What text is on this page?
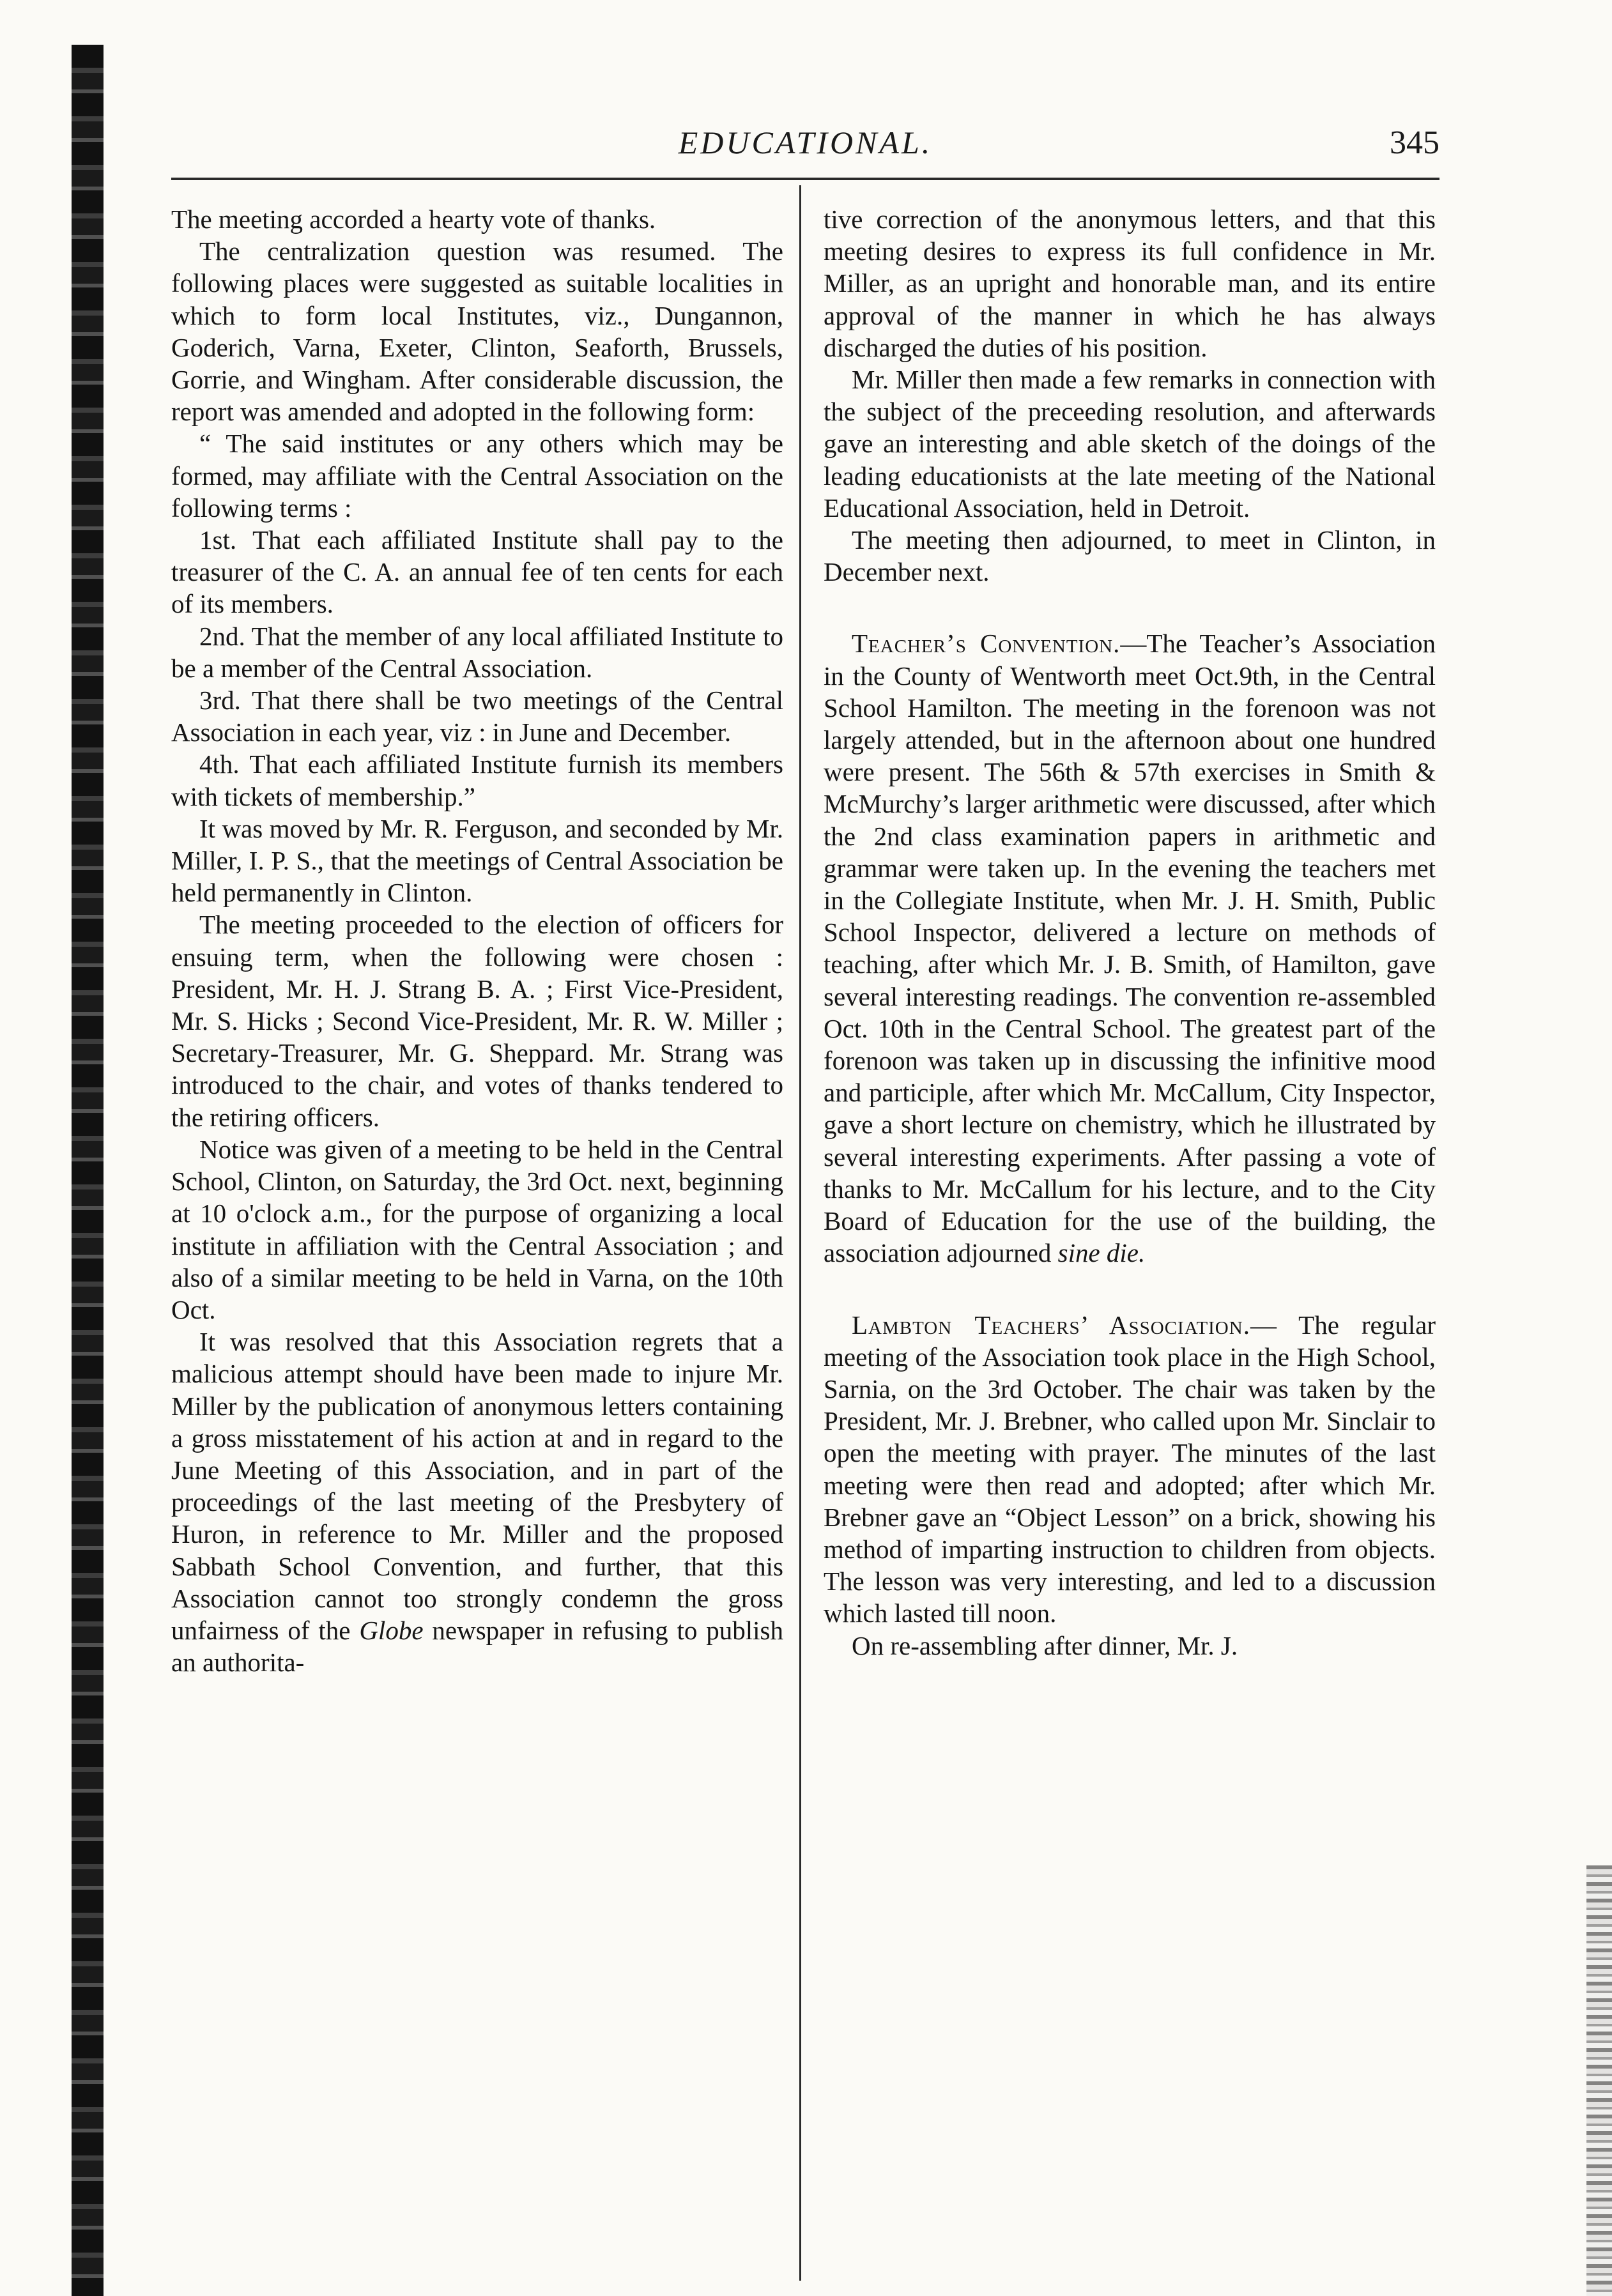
EDUCATIONAL.	345

The meeting accorded a hearty vote of thanks.

The centralization question was resumed. The following places were suggested as suitable localities in which to form local Institutes, viz., Dungannon, Goderich, Varna, Exeter, Clinton, Seaforth, Brussels, Gorrie, and Wingham. After considerable discussion, the report was amended and adopted in the following form:

“ The said institutes or any others which may be formed, may affiliate with the Central Association on the following terms :

1st. That each affiliated Institute shall pay to the treasurer of the C. A. an annual fee of ten cents for each of its members.

2nd. That the member of any local affiliated Institute to be a member of the Central Association.

3rd. That there shall be two meetings of the Central Association in each year, viz : in June and December.

4th. That each affiliated Institute furnish its members with tickets of membership.”

It was moved by Mr. R. Ferguson, and seconded by Mr. Miller, I. P. S., that the meetings of Central Association be held permanently in Clinton.

The meeting proceeded to the election of officers for ensuing term, when the following were chosen : President, Mr. H. J. Strang B. A. ; First Vice-President, Mr. S. Hicks ; Second Vice-President, Mr. R. W. Miller ; Secretary-Treasurer, Mr. G. Sheppard. Mr. Strang was introduced to the chair, and votes of thanks tendered to the retiring officers.

Notice was given of a meeting to be held in the Central School, Clinton, on Saturday, the 3rd Oct. next, beginning at 10 o'clock a.m., for the purpose of organizing a local institute in affiliation with the Central Association ; and also of a similar meeting to be held in Varna, on the 10th Oct.

It was resolved that this Association regrets that a malicious attempt should have been made to injure Mr. Miller by the publication of anonymous letters containing a gross misstatement of his action at and in regard to the June Meeting of this Association, and in part of the proceedings of the last meeting of the Presbytery of Huron, in reference to Mr. Miller and the proposed Sabbath School Convention, and further, that this Association cannot too strongly condemn the gross unfairness of the Globe newspaper in refusing to publish an authorita-

tive correction of the anonymous letters, and that this meeting desires to express its full confidence in Mr. Miller, as an upright and honorable man, and its entire approval of the manner in which he has always discharged the duties of his position.

Mr. Miller then made a few remarks in connection with the subject of the preceeding resolution, and afterwards gave an interesting and able sketch of the doings of the leading educationists at the late meeting of the National Educational Association, held in Detroit.

The meeting then adjourned, to meet in Clinton, in December next.

Teacher’s Convention.—The Teacher’s Association in the County of Wentworth meet Oct.9th, in the Central School Hamilton. The meeting in the forenoon was not largely attended, but in the afternoon about one hundred were present. The 56th & 57th exercises in Smith & McMurchy’s larger arithmetic were discussed, after which the 2nd class examination papers in arithmetic and grammar were taken up. In the evening the teachers met in the Collegiate Institute, when Mr. J. H. Smith, Public School Inspector, delivered a lecture on methods of teaching, after which Mr. J. B. Smith, of Hamilton, gave several interesting readings. The convention re-assembled Oct. 10th in the Central School. The greatest part of the forenoon was taken up in discussing the infinitive mood and participle, after which Mr. McCallum, City Inspector, gave a short lecture on chemistry, which he illustrated by several interesting experiments. After passing a vote of thanks to Mr. McCallum for his lecture, and to the City Board of Education for the use of the building, the association adjourned sine die.

Lambton Teachers’ Association.— The regular meeting of the Association took place in the High School, Sarnia, on the 3rd October. The chair was taken by the President, Mr. J. Brebner, who called upon Mr. Sinclair to open the meeting with prayer. The minutes of the last meeting were then read and adopted; after which Mr. Brebner gave an “Object Lesson” on a brick, showing his method of imparting instruction to children from objects. The lesson was very interesting, and led to a discussion which lasted till noon.

On re-assembling after dinner, Mr. J.
